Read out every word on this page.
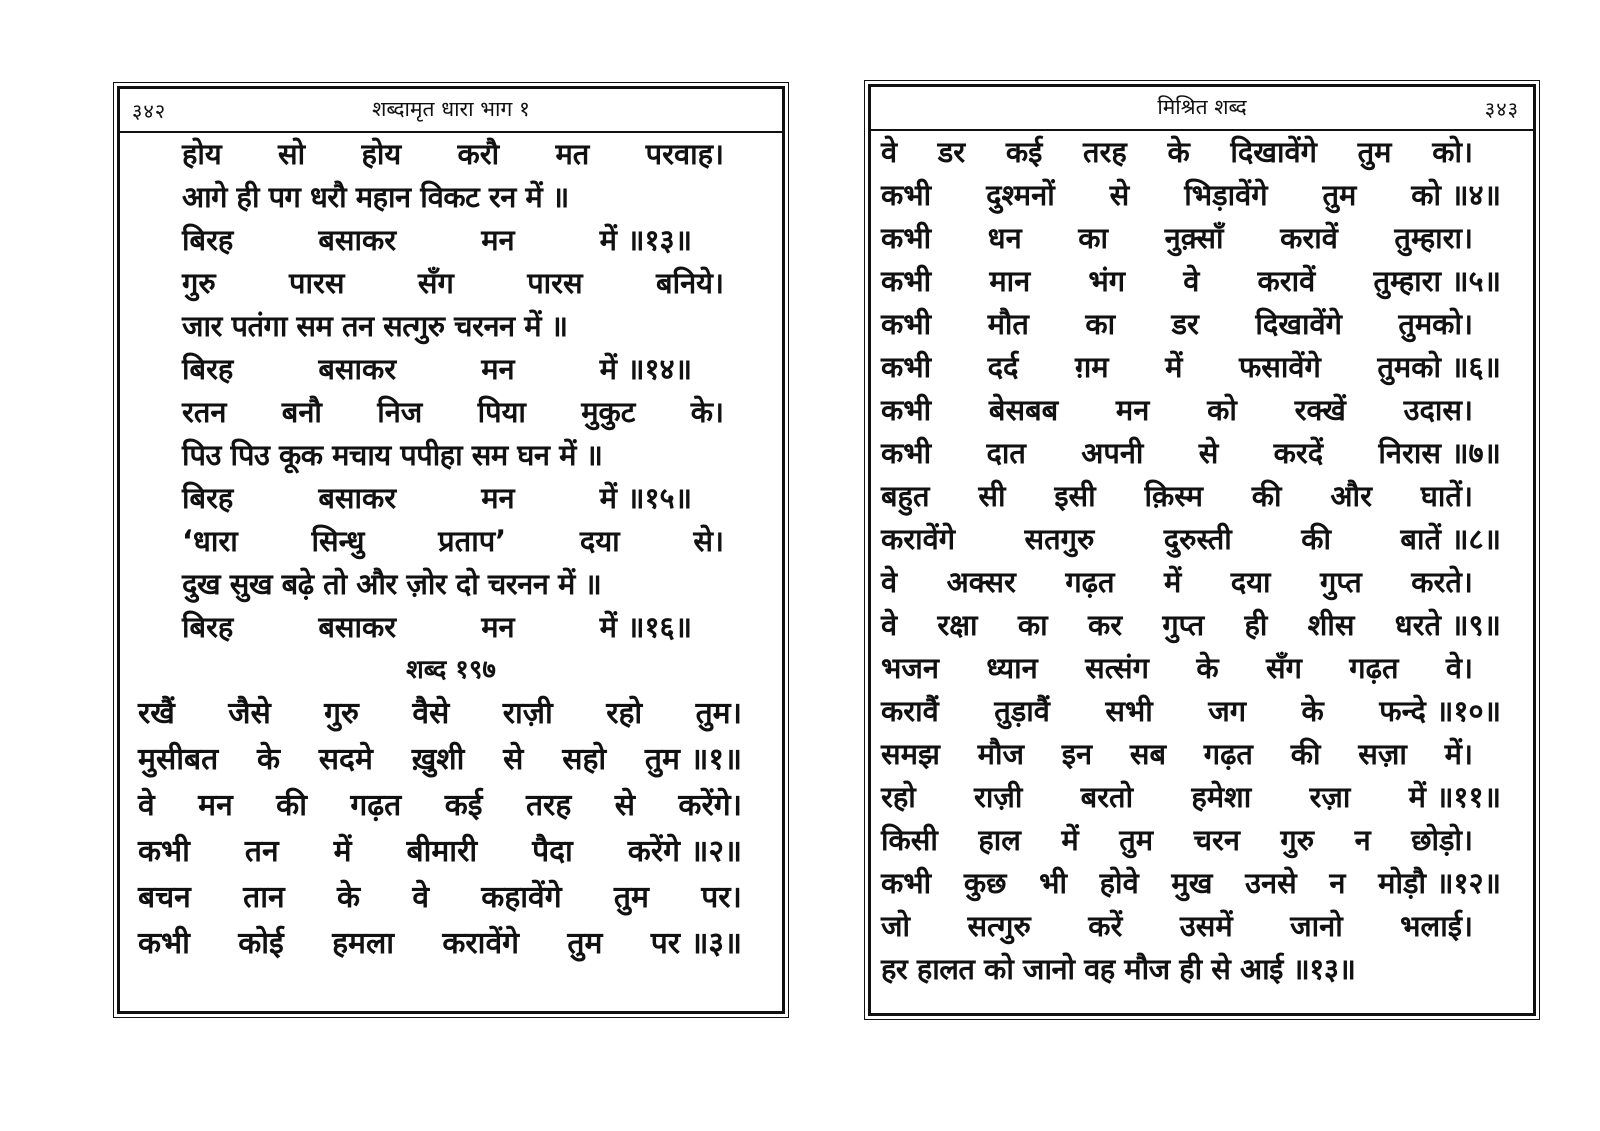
३४२	शब्दामृत धारा भाग १
होय सो होय करौ मत परवाह।
आगे ही पग धरौ महान विकट रन में ॥
बिरह	बसाकर	मन	में ॥१३॥
गुरु	पारस	सँग	पारस	बनिये।
जार पतंगा सम तन सत्गुरु चरनन में ॥
बिरह	बसाकर	मन	में ॥१४॥
रतन बनौ निज पिया मुकुट के।
पिउ पिउ कूक मचाय पपीहा सम घन में ॥
बिरह	बसाकर	मन	में ॥१५॥
‘धारा	सिन्धु	प्रताप’	दया	से।
दुख सुख बढ़े तो और ज़ोर दो चरनन में ॥
बिरह	बसाकर	मन	में ॥१६॥
शब्द १९७
रखैं जैसे गुरु वैसे राज़ी रहो तुम।
मुसीबत के सदमे ख़ुशी से सहो तुम ॥१॥
वे मन की गढ़त कई तरह से करेंगे।
कभी तन में बीमारी पैदा करेंगे ॥२॥
बचन तान के वे कहावेंगे तुम पर।
कभी कोई हमला करावेंगे तुम पर ॥३॥
मिश्रित शब्द	३४३
वे डर कई तरह के दिखावेंगे तुम को।
कभी दुश्मनों से भिड़ावेंगे तुम को ॥४॥
कभी धन का नुक़्साँ करावें तुम्हारा।
कभी मान भंग वे करावें तुम्हारा ॥५॥
कभी मौत का डर दिखावेंगे तुमको।
कभी दर्द ग़म में फसावेंगे तुमको ॥६॥
कभी बेसबब मन को रक्खें उदास।
कभी दात अपनी से करदें निरास ॥७॥
बहुत सी इसी क़िस्म की और घातें।
करावेंगे सतगुरु दुरुस्ती की बातें ॥८॥
वे अक्सर गढ़त में दया गुप्त करते।
वे रक्षा का कर गुप्त ही शीस धरते ॥९॥
भजन ध्यान सत्संग के सँग गढ़त वे।
करावैं तुड़ावैं सभी जग के फन्दे ॥१०॥
समझ मौज इन सब गढ़त की सज़ा में।
रहो राज़ी बरतो हमेशा रज़ा में ॥११॥
किसी हाल में तुम चरन गुरु न छोड़ो।
कभी कुछ भी होवे मुख उनसे न मोड़ौ ॥१२॥
जो सत्गुरु करें उसमें जानो भलाई।
हर हालत को जानो वह मौज ही से आई ॥१३॥
